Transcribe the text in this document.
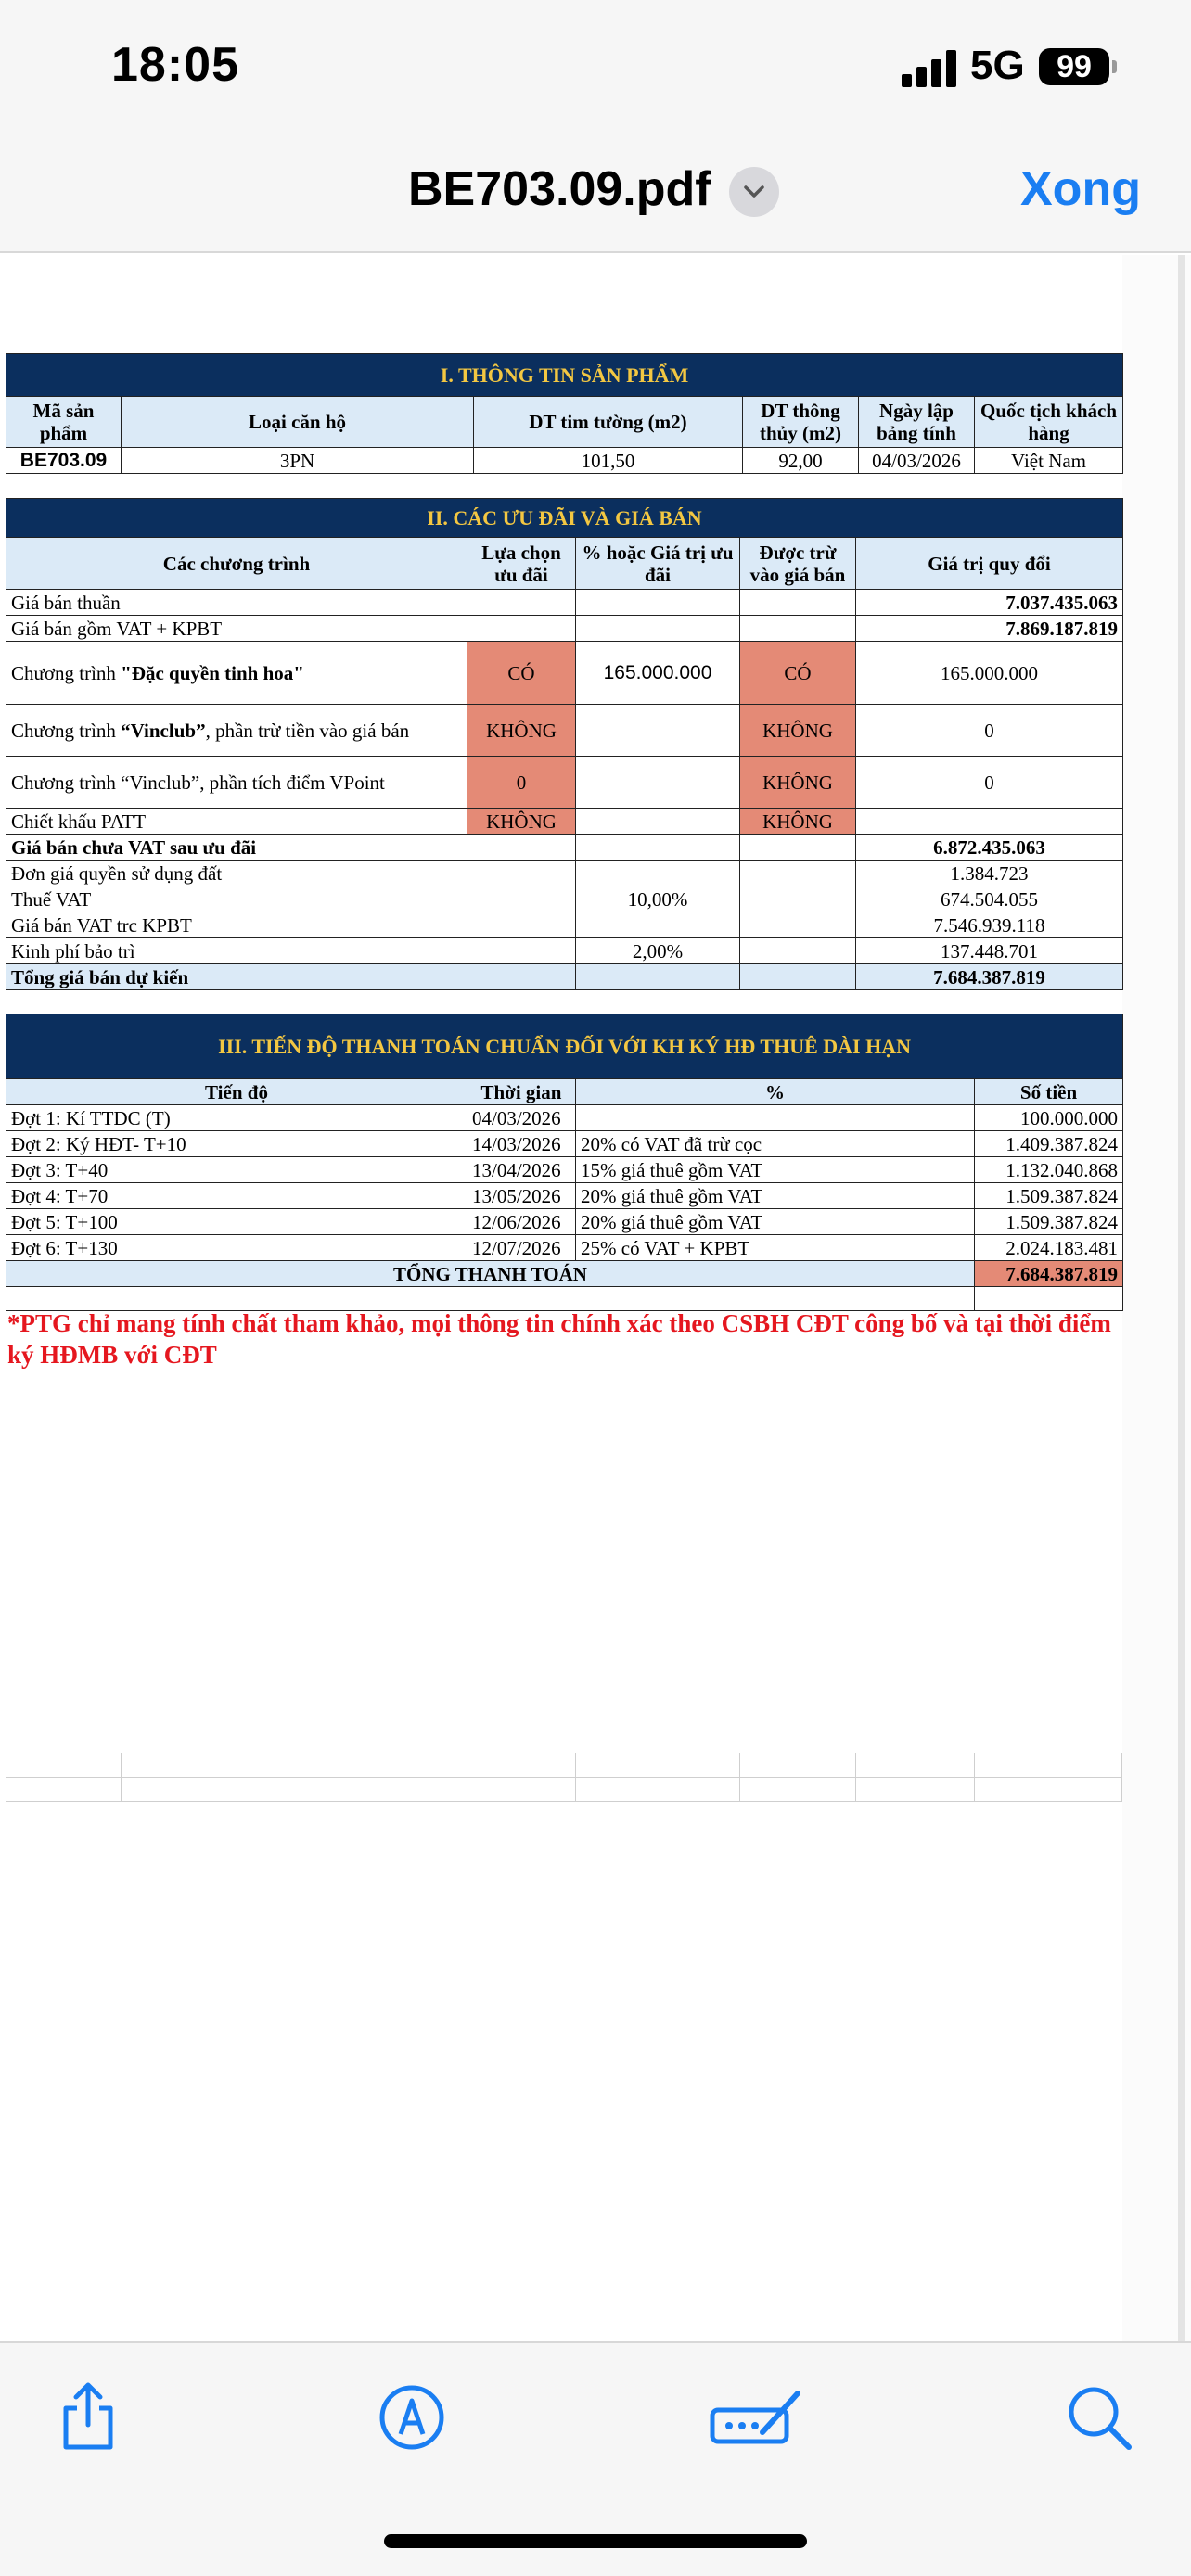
18:05	5G	99
BE703.09.pdf	Xong
I. THÔNG TIN SẢN PHẨM					
Mã sản phẩm	Loại căn hộ	DT tim tường (m2)	DT thông thủy (m2)	Ngày lập bảng tính	Quốc tịch khách hàng
BE703.09	3PN	101,50	92,00	04/03/2026	Việt Nam
II. CÁC ƯU ĐÃI VÀ GIÁ BÁN				
Các chương trình	Lựa chọn ưu đãi	% hoặc Giá trị ưu đãi	Được trừ vào giá bán	Giá trị quy đổi
Giá bán thuần				7.037.435.063
Giá bán gồm VAT + KPBT				7.869.187.819
Chương trình "Đặc quyền tinh hoa"	CÓ	165.000.000	CÓ	165.000.000
Chương trình “Vinclub”, phần trừ tiền vào giá bán	KHÔNG		KHÔNG	0
Chương trình “Vinclub”, phần tích điểm VPoint	0		KHÔNG	0
Chiết khấu PATT	KHÔNG		KHÔNG	
Giá bán chưa VAT sau ưu đãi				6.872.435.063
Đơn giá quyền sử dụng đất				1.384.723
Thuế VAT		10,00%		674.504.055
Giá bán VAT trc KPBT				7.546.939.118
Kinh phí bảo trì		2,00%		137.448.701
Tổng giá bán dự kiến				7.684.387.819
III. TIẾN ĐỘ THANH TOÁN CHUẨN ĐỐI VỚI KH KÝ HĐ THUÊ DÀI HẠN			
Tiến độ	Thời gian	%	Số tiền
Đợt 1: Kí TTDC (T)	04/03/2026		100.000.000
Đợt 2: Ký HĐT- T+10	14/03/2026	20% có VAT đã trừ cọc	1.409.387.824
Đợt 3: T+40	13/04/2026	15% giá thuê gồm VAT	1.132.040.868
Đợt 4: T+70	13/05/2026	20% giá thuê gồm VAT	1.509.387.824
Đợt 5: T+100	12/06/2026	20% giá thuê gồm VAT	1.509.387.824
Đợt 6: T+130	12/07/2026	25% có VAT + KPBT	2.024.183.481
TỔNG THANH TOÁN			7.684.387.819

*PTG chỉ mang tính chất tham khảo, mọi thông tin chính xác theo CSBH CĐT công bố và tại thời điểm ký HĐMB với CĐT
